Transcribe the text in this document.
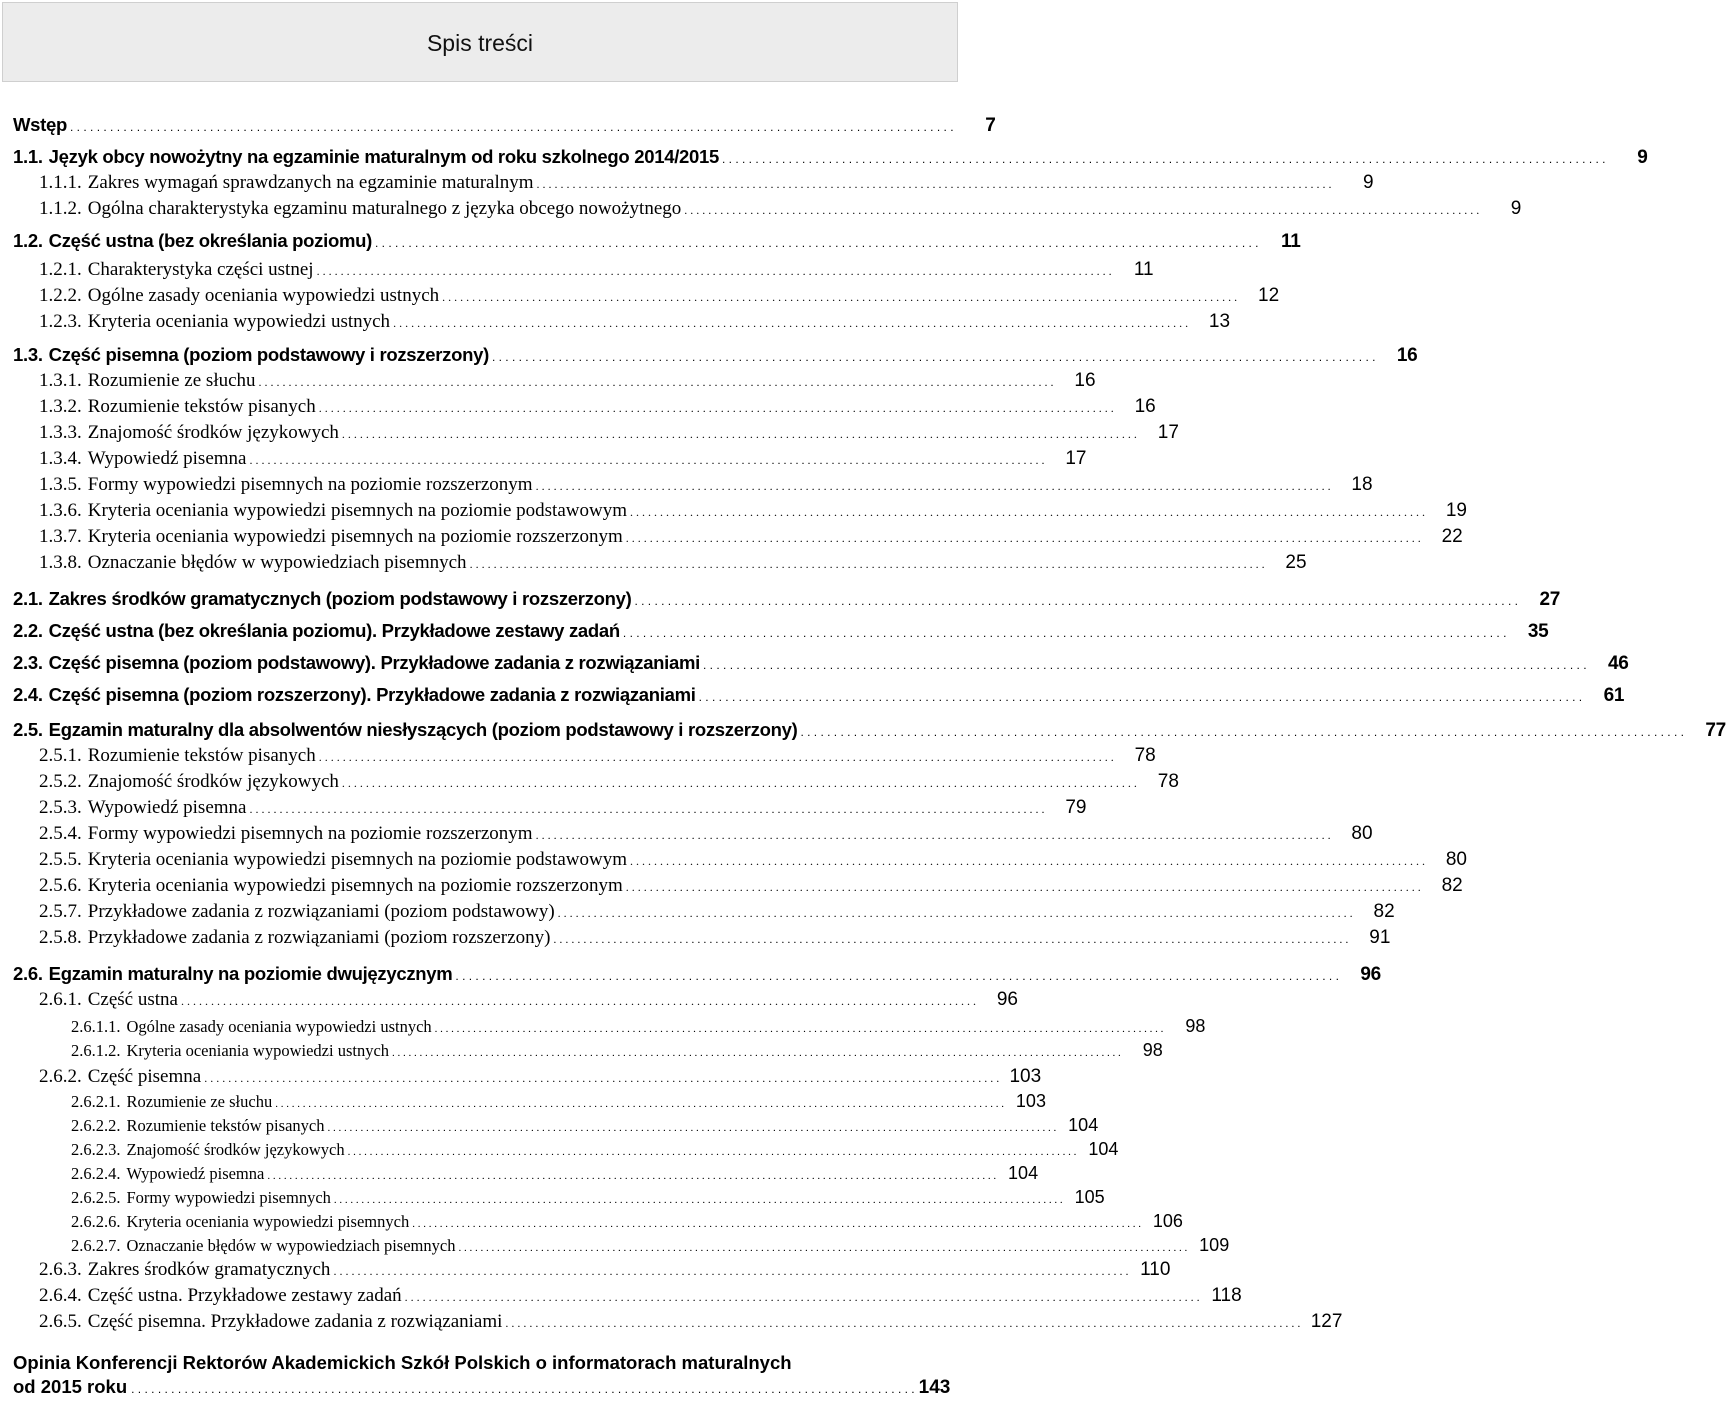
Spis treści
Wstęp . . .	7
1.1. Język obcy nowożytny na egzaminie maturalnym od roku szkolnego 2014/2015 . . .	9
1.1.1. Zakres wymagań sprawdzanych na egzaminie maturalnym . . .	9
1.1.2. Ogólna charakterystyka egzaminu maturalnego z języka obcego nowożytnego . . .	9
1.2. Część ustna (bez określania poziomu) . . .	11
1.2.1. Charakterystyka części ustnej . . .	11
1.2.2. Ogólne zasady oceniania wypowiedzi ustnych . . .	12
1.2.3. Kryteria oceniania wypowiedzi ustnych . . .	13
1.3. Część pisemna (poziom podstawowy i rozszerzony) . . .	16
1.3.1. Rozumienie ze słuchu . . .	16
1.3.2. Rozumienie tekstów pisanych . . .	16
1.3.3. Znajomość środków językowych . . .	17
1.3.4. Wypowiedź pisemna . . .	17
1.3.5. Formy wypowiedzi pisemnych na poziomie rozszerzonym . . .	18
1.3.6. Kryteria oceniania wypowiedzi pisemnych na poziomie podstawowym . . .	19
1.3.7. Kryteria oceniania wypowiedzi pisemnych na poziomie rozszerzonym . . .	22
1.3.8. Oznaczanie błędów w wypowiedziach pisemnych . . .	25
2.1. Zakres środków gramatycznych (poziom podstawowy i rozszerzony) . . .	27
2.2. Część ustna (bez określania poziomu). Przykładowe zestawy zadań . . .	35
2.3. Część pisemna (poziom podstawowy). Przykładowe zadania z rozwiązaniami . . .	46
2.4. Część pisemna (poziom rozszerzony). Przykładowe zadania z rozwiązaniami . . .	61
2.5. Egzamin maturalny dla absolwentów niesłyszących (poziom podstawowy i rozszerzony) . . .	77
2.5.1. Rozumienie tekstów pisanych . . .	78
2.5.2. Znajomość środków językowych . . .	78
2.5.3. Wypowiedź pisemna . . .	79
2.5.4. Formy wypowiedzi pisemnych na poziomie rozszerzonym . . .	80
2.5.5. Kryteria oceniania wypowiedzi pisemnych na poziomie podstawowym . . .	80
2.5.6. Kryteria oceniania wypowiedzi pisemnych na poziomie rozszerzonym . . .	82
2.5.7. Przykładowe zadania z rozwiązaniami (poziom podstawowy) . . .	82
2.5.8. Przykładowe zadania z rozwiązaniami (poziom rozszerzony) . . .	91
2.6. Egzamin maturalny na poziomie dwujęzycznym . . .	96
2.6.1. Część ustna . . .	96
2.6.1.1. Ogólne zasady oceniania wypowiedzi ustnych . . .	98
2.6.1.2. Kryteria oceniania wypowiedzi ustnych . . .	98
2.6.2. Część pisemna . . .	103
2.6.2.1. Rozumienie ze słuchu . . .	103
2.6.2.2. Rozumienie tekstów pisanych . . .	104
2.6.2.3. Znajomość środków językowych . . .	104
2.6.2.4. Wypowiedź pisemna . . .	104
2.6.2.5. Formy wypowiedzi pisemnych . . .	105
2.6.2.6. Kryteria oceniania wypowiedzi pisemnych . . .	106
2.6.2.7. Oznaczanie błędów w wypowiedziach pisemnych . . .	109
2.6.3. Zakres środków gramatycznych . . .	110
2.6.4. Część ustna. Przykładowe zestawy zadań . . .	118
2.6.5. Część pisemna. Przykładowe zadania z rozwiązaniami . . .	127
Opinia Konferencji Rektorów Akademickich Szkół Polskich o informatorach maturalnych
od 2015 roku . . .	143
